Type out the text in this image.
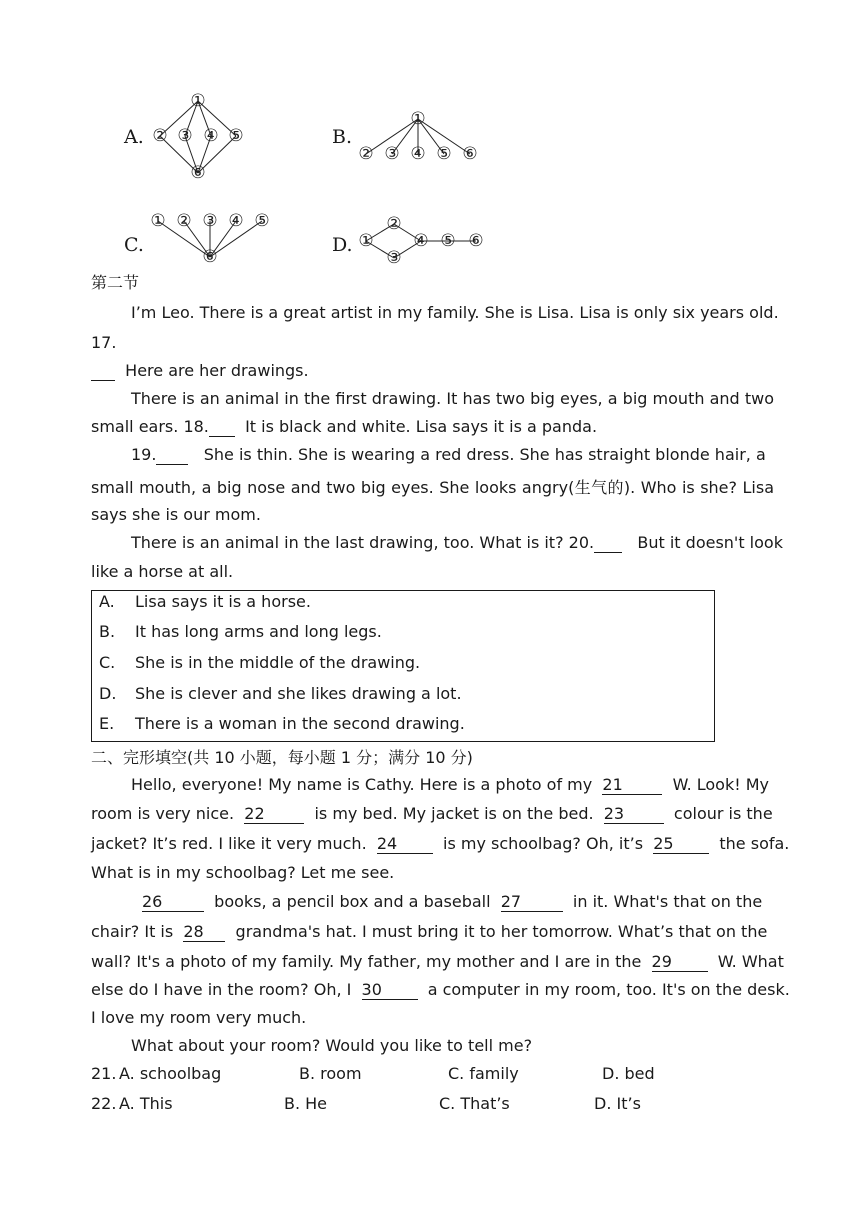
A.
①
② ③ ④ ⑤
⑥
B.
①
② ③ ④ ⑤ ⑥
C.
① ② ③ ④ ⑤
⑥
D. ①
②
③
④ ⑤ ⑥
第二节
I’m Leo. There is a great artist in my family. She is Lisa. Lisa is only six years old.
17.
Here are her drawings.
There is an animal in the first drawing. It has two big eyes, a big mouth and two
small ears. 18. It is black and white. Lisa says it is a panda.
19.	She is thin. She is wearing a red dress. She has straight blonde hair, a
small mouth, a big nose and two big eyes. She looks angry(生气的). Who is she? Lisa
says she is our mom.
There is an animal in the last drawing, too. What is it? 20.	But it doesn't look
like a horse at all.
A. Lisa says it is a horse.
B. It has long arms and long legs.
C. She is in the middle of the drawing.
D. She is clever and she likes drawing a lot.
E. There is a woman in the second drawing.
二、完形填空(共 10 小题，每小题 1 分；满分 10 分)
Hello, everyone! My name is Cathy. Here is a photo of my 21	W. Look! My
room is very nice. 22	is my bed. My jacket is on the bed. 23	colour is the
jacket? It’s red. I like it very much. 24	is my schoolbag? Oh, it’s 25	the sofa.
What is in my schoolbag? Let me see.
26	books, a pencil box and a baseball 27	in it. What's that on the
chair? It is 28 grandma's hat. I must bring it to her tomorrow. What’s that on the
wall? It's a photo of my family. My father, my mother and I are in the 29	W. What
else do I have in the room? Oh, I 30	a computer in my room, too. It's on the desk.
I love my room very much.
What about your room? Would you like to tell me?
21. A. schoolbag	B. room	C. family	D. bed
22. A. This	B. He	C. That’s	D. It’s
